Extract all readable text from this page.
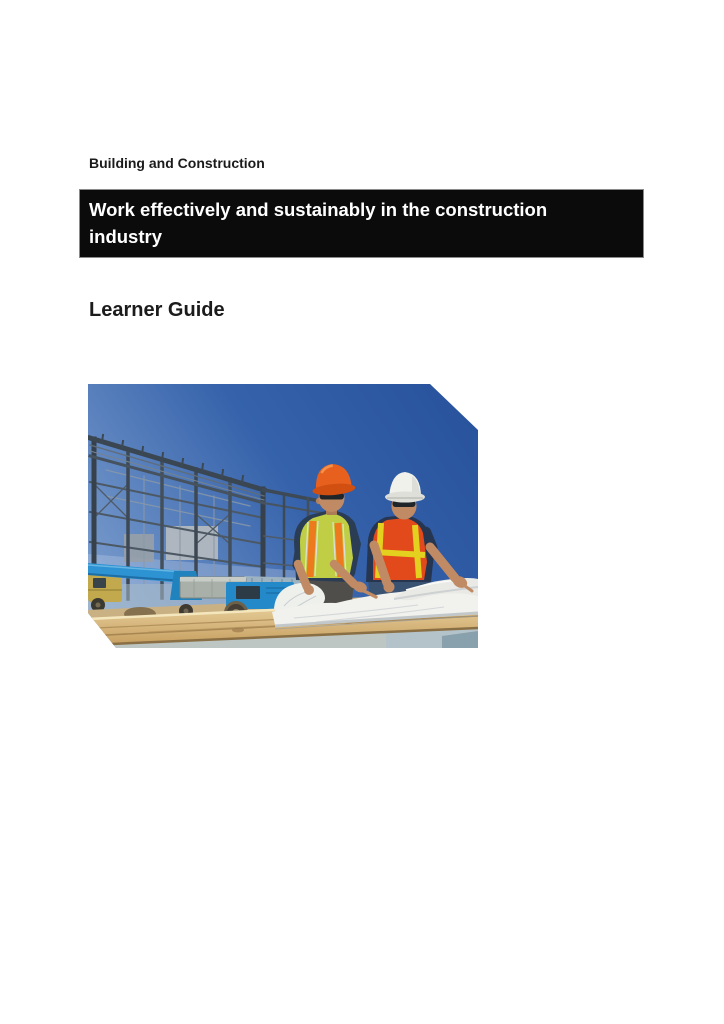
Building and Construction
Work effectively and sustainably in the construction
industry
Learner Guide
